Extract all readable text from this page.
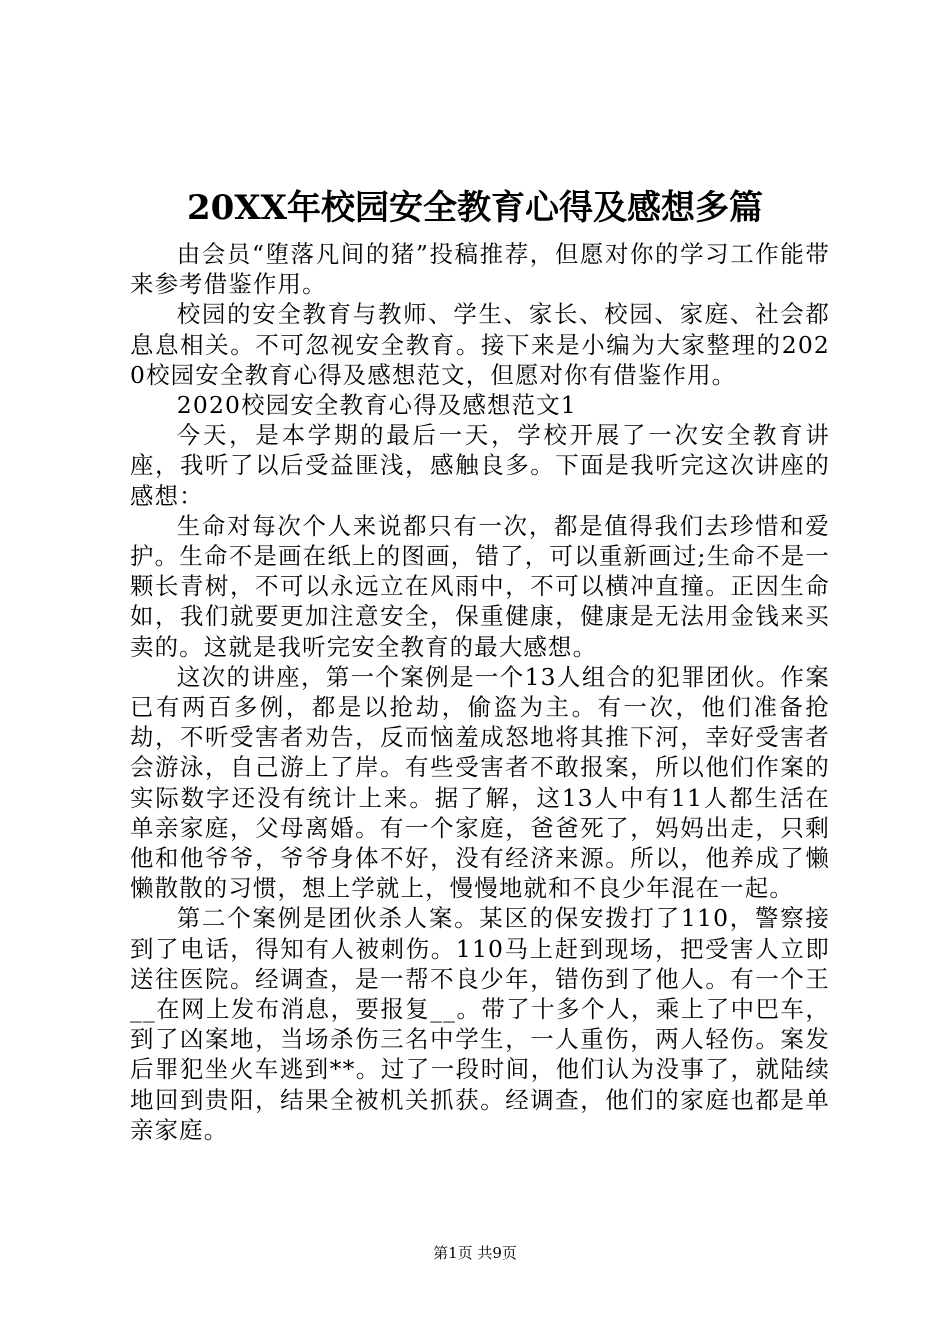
20XX年校园安全教育心得及感想多篇

由会员“堕落凡间的猪”投稿推荐，但愿对你的学习工作能带来参考借鉴作用。

校园的安全教育与教师、学生、家长、校园、家庭、社会都息息相关。不可忽视安全教育。接下来是小编为大家整理的2020校园安全教育心得及感想范文，但愿对你有借鉴作用。

2020校园安全教育心得及感想范文1

今天，是本学期的最后一天，学校开展了一次安全教育讲座，我听了以后受益匪浅，感触良多。下面是我听完这次讲座的感想：

生命对每次个人来说都只有一次，都是值得我们去珍惜和爱护。生命不是画在纸上的图画，错了，可以重新画过;生命不是一颗长青树，不可以永远立在风雨中，不可以横冲直撞。正因生命如，我们就要更加注意安全，保重健康，健康是无法用金钱来买卖的。这就是我听完安全教育的最大感想。

这次的讲座，第一个案例是一个13人组合的犯罪团伙。作案已有两百多例，都是以抢劫，偷盗为主。有一次，他们准备抢劫，不听受害者劝告，反而恼羞成怒地将其推下河，幸好受害者会游泳，自己游上了岸。有些受害者不敢报案，所以他们作案的实际数字还没有统计上来。据了解，这13人中有11人都生活在单亲家庭，父母离婚。有一个家庭，爸爸死了，妈妈出走，只剩他和他爷爷，爷爷身体不好，没有经济来源。所以，他养成了懒懒散散的习惯，想上学就上，慢慢地就和不良少年混在一起。

第二个案例是团伙杀人案。某区的保安拨打了110，警察接到了电话，得知有人被刺伤。110马上赶到现场，把受害人立即送往医院。经调查，是一帮不良少年，错伤到了他人。有一个王__在网上发布消息，要报复__。带了十多个人，乘上了中巴车，到了凶案地，当场杀伤三名中学生，一人重伤，两人轻伤。案发后罪犯坐火车逃到**。过了一段时间，他们认为没事了，就陆续地回到贵阳，结果全被机关抓获。经调查，他们的家庭也都是单亲家庭。

第1页 共9页
